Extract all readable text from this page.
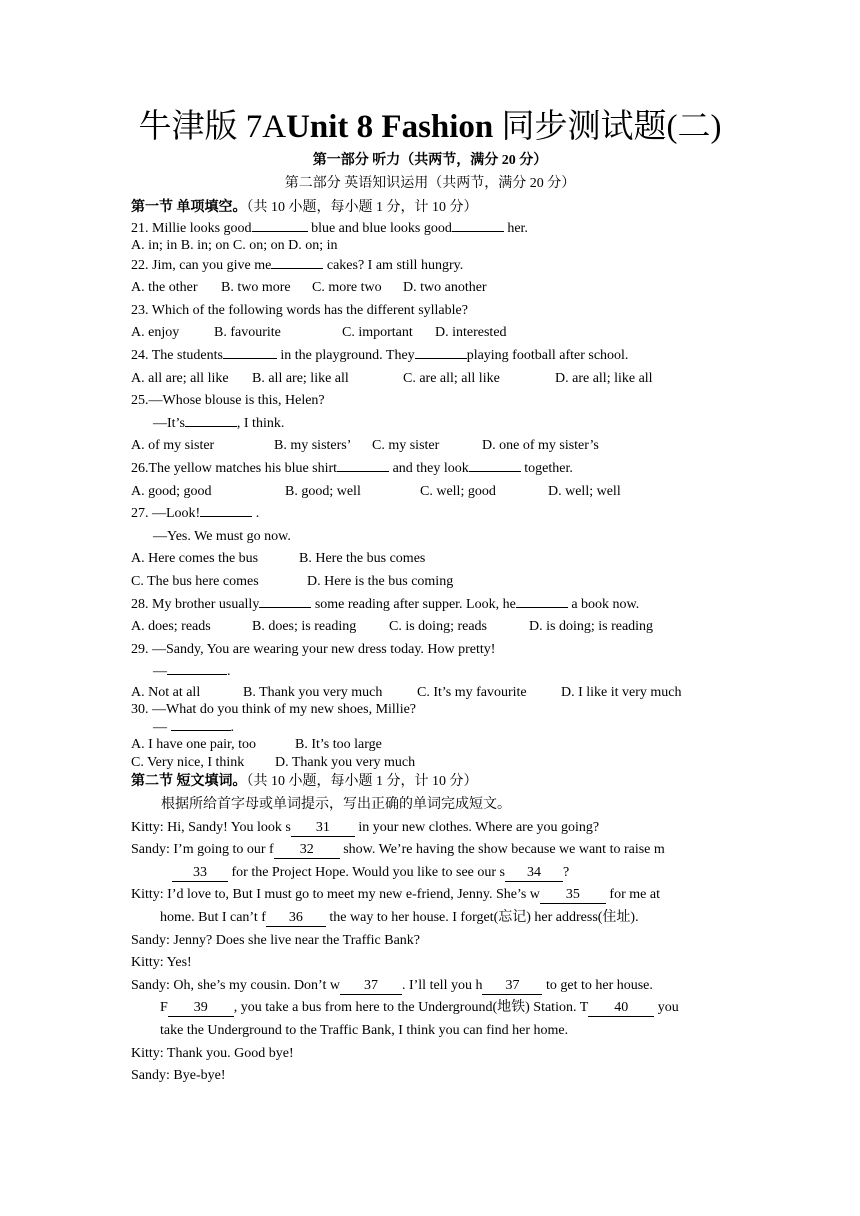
牛津版 7AUnit 8 Fashion 同步测试题(二)
第一部分 听力（共两节，满分 20 分）
第二部分 英语知识运用（共两节，满分 20 分）
第一节 单项填空。（共 10 小题，每小题 1 分，计 10 分）
21. Millie looks good	blue and blue looks good	her.
A. in; in B. in; on C. on; on D. on; in
22. Jim, can you give me	cakes? I am still hungry.
A. the other B. two more C. more two D. two another
23. Which of the following words has the different syllable?
A. enjoy B. favourite	C. important D. interested
24. The students	in the playground. They	playing football after school.
A. all are; all like B. all are; like all	C. are all; all like	D. are all; like all
25.—Whose blouse is this, Helen?
—It’s	, I think.
A. of my sister	B. my sisters’ C. my sister	D. one of my sister’s
26.The yellow matches his blue shirt	and they look	together.
A. good; good	B. good; well	C. well; good	D. well; well
27. —Look!	.
—Yes. We must go now.
A. Here comes the bus	B. Here the bus comes
C. The bus here comes	D. Here is the bus coming
28. My brother usually	some reading after supper. Look, he	a book now.
A. does; reads	B. does; is reading C. is doing; reads	D. is doing; is reading
29. —Sandy, You are wearing your new dress today. How pretty!
—	.
A. Not at all	B. Thank you very much C. It’s my favourite D. I like it very much
30. —What do you think of my new shoes, Millie?
—	.
A. I have one pair, too	B. It’s too large
C. Very nice, I think D. Thank you very much
第二节 短文填词。（共 10 小题，每小题 1 分，计 10 分）
根据所给首字母或单词提示，写出正确的单词完成短文。
Kitty: Hi, Sandy! You look s 31 in your new clothes. Where are you going?
Sandy: I’m going to our f 32 show. We’re having the show because we want to raise m
33 for the Project Hope. Would you like to see our s 34 ?
Kitty: I’d love to, But I must go to meet my new e-friend, Jenny. She’s w 35 for me at
home. But I can’t f 36 the way to her house. I forget(忘记) her address(住址).
Sandy: Jenny? Does she live near the Traffic Bank?
Kitty: Yes!
Sandy: Oh, she’s my cousin. Don’t w 37 . I’ll tell you h 37 to get to her house.
F 39 , you take a bus from here to the Underground(地铁) Station. T 40 you
take the Underground to the Traffic Bank, I think you can find her home.
Kitty: Thank you. Good bye!
Sandy: Bye-bye!
